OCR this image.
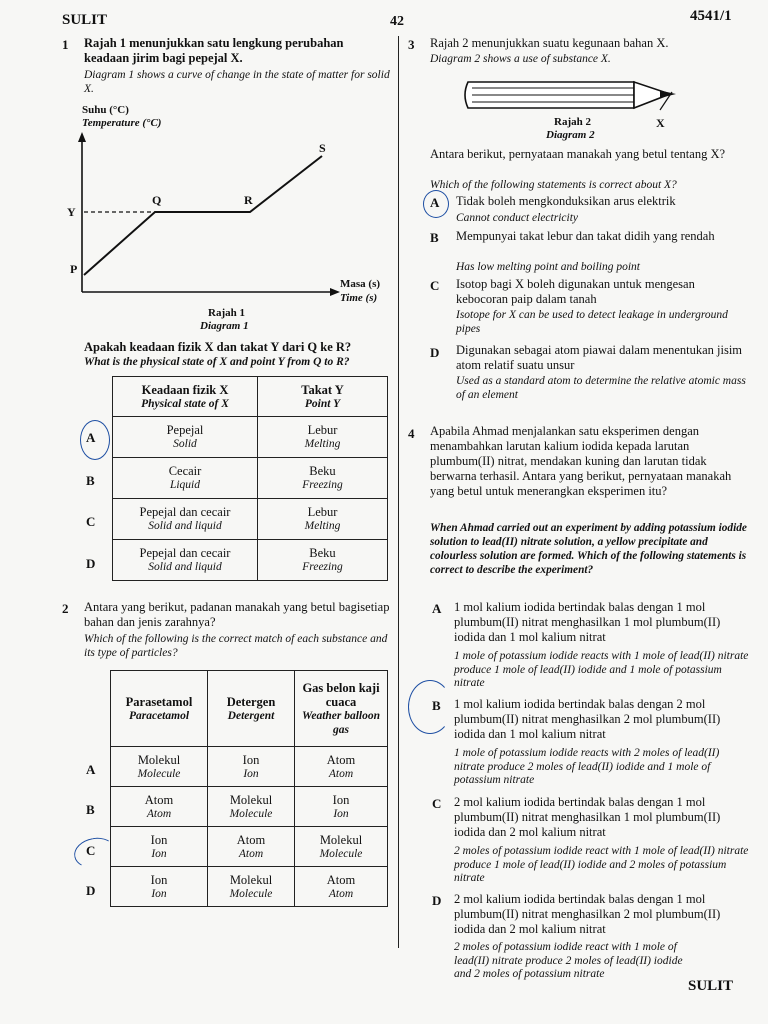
SULIT	42	4541/1
1 Rajah 1 menunjukkan satu lengkung perubahan keadaan jirim bagi pepejal X.
Diagram 1 shows a curve of change in the state of matter for solid X.
Suhu (°C)
Temperature (°C)
P
Y
Q	R
S
Masa (s)
Time (s)
Rajah 1
Diagram 1
Apakah keadaan fizik X dan takat Y dari Q ke R?
What is the physical state of X and point Y from Q to R?
Keadaan fizik X
Physical state of X	Takat Y
Point Y

Pepejal
Solid	Lebur
Melting

Cecair
Liquid	Beku
Freezing

Pepejal dan cecair
Solid and liquid	Lebur
Melting

Pepejal dan cecair
Solid and liquid	Beku
Freezing
A
B
C
D
2 Antara yang berikut, padanan manakah yang betul bagisetiap bahan dan jenis zarahnya?
Which of the following is the correct match of each substance and its type of particles?
Parasetamol
Paracetamol	Detergen
Detergent	Gas belon kaji cuaca
Weather balloon gas

Molekul
Molecule	Ion
Ion	Atom
Atom

Atom
Atom	Molekul
Molecule	Ion
Ion

Ion
Ion	Atom
Atom	Molekul
Molecule

Ion
Ion	Molekul
Molecule	Atom
Atom
A
B
C
D
3 Rajah 2 menunjukkan suatu kegunaan bahan X.
Diagram 2 shows a use of substance X.
Rajah 2
Diagram 2
X
Antara berikut, pernyataan manakah yang betul tentang X?
Which of the following statements is correct about X?
A Tidak boleh mengkonduksikan arus elektrik
Cannot conduct electricity
B Mempunyai takat lebur dan takat didih yang rendah
Has low melting point and boiling point
C Isotop bagi X boleh digunakan untuk mengesan kebocoran paip dalam tanah
Isotope for X can be used to detect leakage in underground pipes
D Digunakan sebagai atom piawai dalam menentukan jisim atom relatif suatu unsur
Used as a standard atom to determine the relative atomic mass of an element
4 Apabila Ahmad menjalankan satu eksperimen dengan menambahkan larutan kalium iodida kepada larutan plumbum(II) nitrat, mendakan kuning dan larutan tidak berwarna terhasil. Antara yang berikut, pernyataan manakah yang betul untuk menerangkan eksperimen itu?
When Ahmad carried out an experiment by adding potassium iodide solution to lead(II) nitrate solution, a yellow precipitate and colourless solution are formed. Which of the following statements is correct to describe the experiment?
A 1 mol kalium iodida bertindak balas dengan 1 mol plumbum(II) nitrat menghasilkan 1 mol plumbum(II) iodida dan 1 mol kalium nitrat
1 mole of potassium iodide reacts with 1 mole of lead(II) nitrate produce 1 mole of lead(II) iodide and 1 mole of potassium nitrate
B 1 mol kalium iodida bertindak balas dengan 2 mol plumbum(II) nitrat menghasilkan 2 mol plumbum(II) iodida dan 1 mol kalium nitrat
1 mole of potassium iodide reacts with 2 moles of lead(II) nitrate produce 2 moles of lead(II) iodide and 1 mole of potassium nitrate
C 2 mol kalium iodida bertindak balas dengan 1 mol plumbum(II) nitrat menghasilkan 1 mol plumbum(II) iodida dan 2 mol kalium nitrat
2 moles of potassium iodide react with 1 mole of lead(II) nitrate produce 1 mole of lead(II) iodide and 2 moles of potassium nitrate
D 2 mol kalium iodida bertindak balas dengan 1 mol plumbum(II) nitrat menghasilkan 2 mol plumbum(II) iodida dan 2 mol kalium nitrat
2 moles of potassium iodide react with 1 mole of lead(II) nitrate produce 2 moles of lead(II) iodide and 2 moles of potassium nitrate
SULIT
